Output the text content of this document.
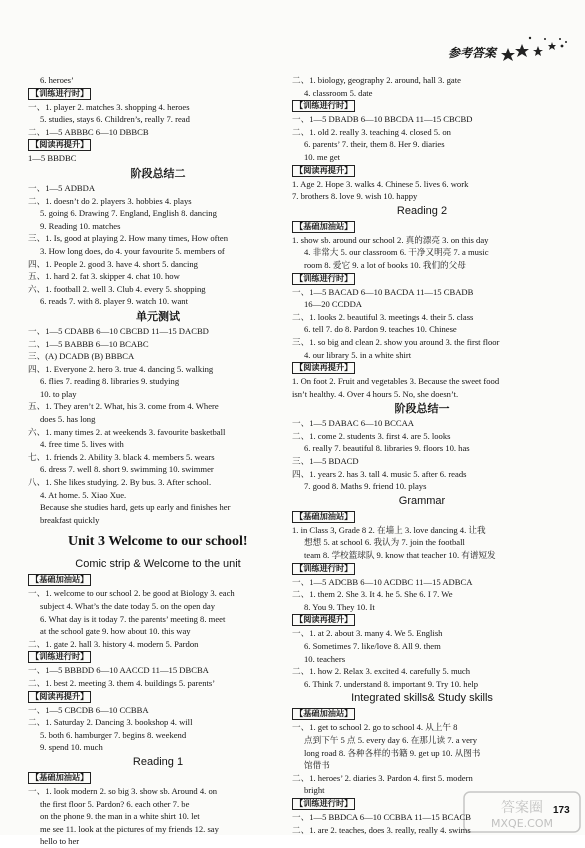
参考答案
6. heroes’
【训练进行时】
一、1. player 2. matches 3. shopping 4. heroes
5. studies, stays 6. Children’s, really 7. read
二、1—5 ABBBC 6—10 DBBCB
【阅读再提升】
1—5 BBDBC
阶段总结二
一、1—5 ADBDA
二、1. doesn’t do 2. players 3. hobbies 4. plays
5. going 6. Drawing 7. England, English 8. dancing
9. Reading 10. matches
三、1. Is, good at playing 2. How many times, How often
3. How long does, do 4. your favourite 5. members of
四、1. People 2. good 3. have 4. short 5. dancing
五、1. hard 2. fat 3. skipper 4. chat 10. how
六、1. football 2. well 3. Club 4. every 5. shopping
6. reads 7. with 8. player 9. watch 10. want
单元测试
一、1—5 CDABB 6—10 CBCBD 11—15 DACBD
二、1—5 BABBB 6—10 BCABC
三、(A) DCADB (B) BBBCA
四、1. Everyone 2. hero 3. true 4. dancing 5. walking
6. flies 7. reading 8. libraries 9. studying
10. to play
五、1. They aren’t 2. What, his 3. come from 4. Where
does 5. has long
六、1. many times 2. at weekends 3. favourite basketball
4. free time 5. lives with
七、1. friends 2. Ability 3. black 4. members 5. wears
6. dress 7. well 8. short 9. swimming 10. swimmer
八、1. She likes studying. 2. By bus. 3. After school.
4. At home. 5. Xiao Xue.
Because she studies hard, gets up early and finishes her
breakfast quickly
Unit 3 Welcome to our school!
Comic strip & Welcome to the unit
【基础加油站】
一、1. welcome to our school 2. be good at Biology 3. each
subject 4. What’s the date today 5. on the open day
6. What day is it today 7. the parents’ meeting 8. meet
at the school gate 9. how about 10. this way
二、1. gate 2. hall 3. history 4. modern 5. Pardon
【训练进行时】
一、1—5 BBBDD 6—10 AACCD 11—15 DBCBA
二、1. best 2. meeting 3. them 4. buildings 5. parents’
【阅读再提升】
一、1—5 CBCDB 6—10 CCBBA
二、1. Saturday 2. Dancing 3. bookshop 4. will
5. both 6. hamburger 7. begins 8. weekend
9. spend 10. much
Reading 1
【基础加油站】
一、1. look modern 2. so big 3. show sb. Around 4. on
the first floor 5. Pardon? 6. each other 7. be
on the phone 9. the man in a white shirt 10. let
me see 11. look at the pictures of my friends 12. say
hello to her
二、1. biology, geography 2. around, hall 3. gate
4. classroom 5. date
【训练进行时】
一、1—5 DBADB 6—10 BBCDA 11—15 CBCBD
二、1. old 2. really 3. teaching 4. closed 5. on
6. parents’ 7. their, them 8. Her 9. diaries
10. me get
【阅读再提升】
1. Age 2. Hope 3. walks 4. Chinese 5. lives 6. work
7. brothers 8. love 9. wish 10. happy
Reading 2
【基础加油站】
1. show sb. around our school 2. 真的漂亮 3. on this day
4. 非常大 5. our classroom 6. 干净又明亮 7. a music
room 8. 爱它 9. a lot of books 10. 我们的父母
【训练进行时】
一、1—5 BACAD 6—10 BACDA 11—15 CBADB
16—20 CCDDA
二、1. looks 2. beautiful 3. meetings 4. their 5. class
6. tell 7. do 8. Pardon 9. teaches 10. Chinese
三、1. so big and clean 2. show you around 3. the first floor
4. our library 5. in a white shirt
【阅读再提升】
1. On foot 2. Fruit and vegetables 3. Because the sweet food
isn’t healthy. 4. Over 4 hours 5. No, she doesn’t.
阶段总结一
一、1—5 DABAC 6—10 BCCAA
二、1. come 2. students 3. first 4. are 5. looks
6. really 7. beautiful 8. libraries 9. floors 10. has
三、1—5 BDACD
四、1. years 2. has 3. tall 4. music 5. after 6. reads
7. good 8. Maths 9. friend 10. plays
Grammar
【基础加油站】
1. in Class 3, Grade 8 2. 在墙上 3. love dancing 4. 让我
想想 5. at school 6. 我认为 7. join the football
team 8. 学校篮球队 9. know that teacher 10. 有谱短发
【训练进行时】
一、1—5 ADCBB 6—10 ACDBC 11—15 ADBCA
二、1. them 2. She 3. It 4. he 5. She 6. I 7. We
8. You 9. They 10. It
【阅读再提升】
一、1. at 2. about 3. many 4. We 5. English
6. Sometimes 7. like/love 8. All 9. them
10. teachers
二、1. how 2. Relax 3. excited 4. carefully 5. much
6. Think 7. understand 8. important 9. Try 10. help
Integrated skills& Study skills
【基础加油站】
一、1. get to school 2. go to school 4. 从上午 8
点到下午 5 点 5. every day 6. 在那儿读 7. a very
long road 8. 各种各样的书籍 9. get up 10. 从图书
馆借书
二、1. heroes’ 2. diaries 3. Pardon 4. first 5. modern
bright
【训练进行时】
一、1—5 BBDCA 6—10 CCBBA 11—15 BCACB
二、1. are 2. teaches, does 3. really, really 4. swims
答案圈
MXQE.COM
173
